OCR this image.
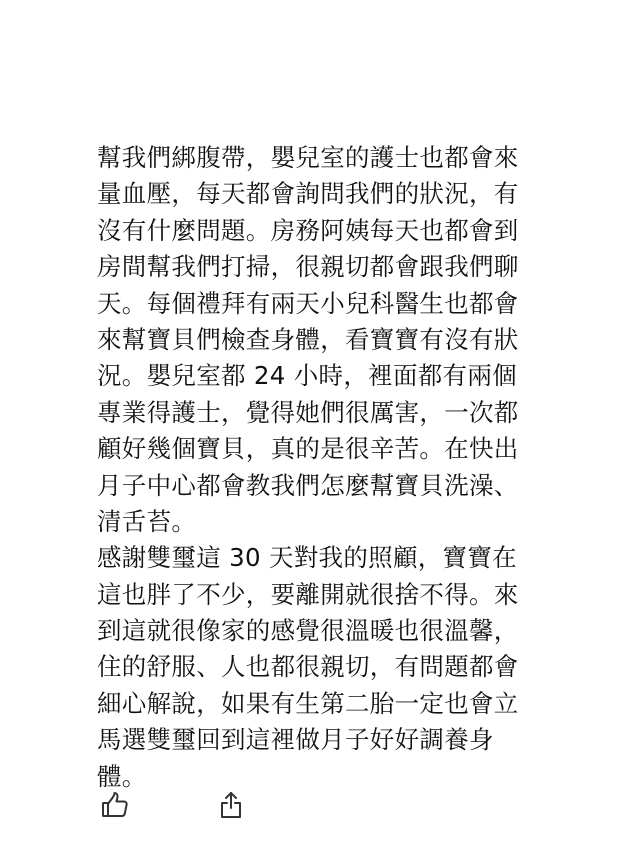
幫我們綁腹帶，嬰兒室的護士也都會來
量血壓，每天都會詢問我們的狀況，有
沒有什麼問題。房務阿姨每天也都會到
房間幫我們打掃，很親切都會跟我們聊
天。每個禮拜有兩天小兒科醫生也都會
來幫寶貝們檢查身體，看寶寶有沒有狀
況。嬰兒室都 24 小時，裡面都有兩個
專業得護士，覺得她們很厲害，一次都
顧好幾個寶貝，真的是很辛苦。在快出
月子中心都會教我們怎麼幫寶貝洗澡、
清舌苔。
感謝雙璽這 30 天對我的照顧，寶寶在
這也胖了不少，要離開就很捨不得。來
到這就很像家的感覺很溫暖也很溫馨，
住的舒服、人也都很親切，有問題都會
細心解說，如果有生第二胎一定也會立
馬選雙璽回到這裡做月子好好調養身
體。
